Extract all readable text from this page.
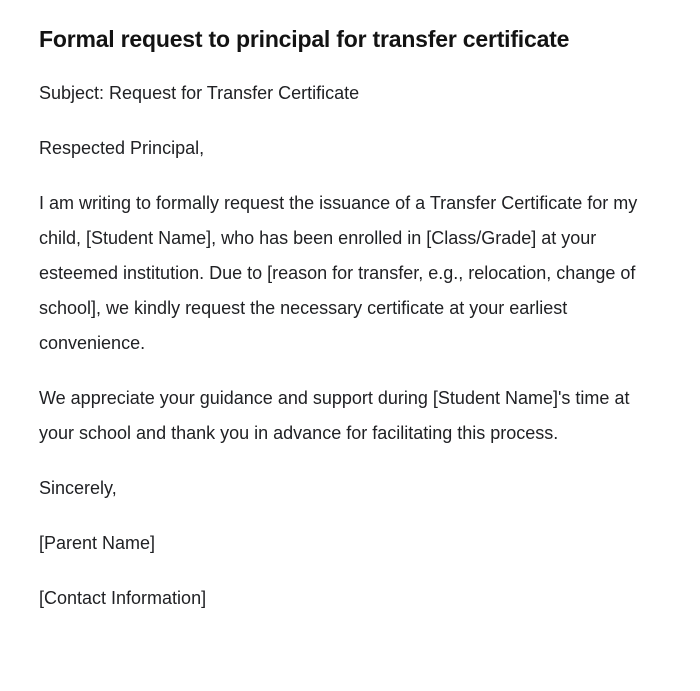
Formal request to principal for transfer certificate

Subject: Request for Transfer Certificate

Respected Principal,

I am writing to formally request the issuance of a Transfer Certificate for my child, [Student Name], who has been enrolled in [Class/Grade] at your esteemed institution. Due to [reason for transfer, e.g., relocation, change of school], we kindly request the necessary certificate at your earliest convenience.

We appreciate your guidance and support during [Student Name]'s time at your school and thank you in advance for facilitating this process.

Sincerely,

[Parent Name]

[Contact Information]
